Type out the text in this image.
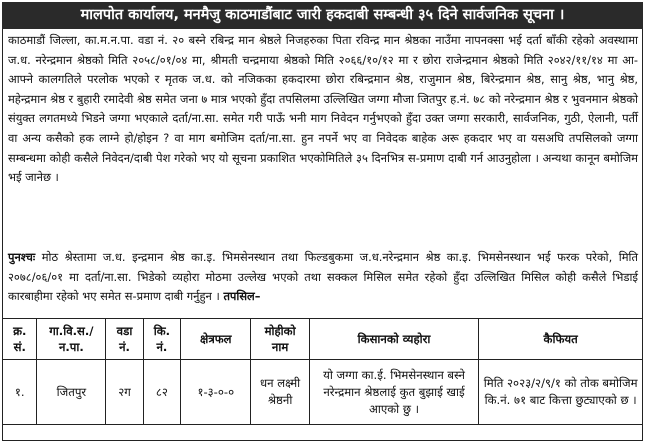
मालपोत कार्यालय, मनमैजु काठमाडौंबाट जारी हकदाबी सम्बन्धी ३५ दिने सार्वजनिक सूचना ।
काठमाडौं जिल्ला, का.म.न.पा. वडा नं. २० बस्ने रबिन्द्र मान श्रेष्ठले निजहरुका पिता रविन्द्र मान श्रेष्ठका नाउँमा नापनक्सा भई दर्ता बाँकी रहेको अवस्थामा ज.ध. नरेन्द्रमान श्रेष्ठको मिति २०५८/०१/०४ मा, श्रीमती चन्द्रमाया श्रेष्ठको मिति २०६६/१०/१२ मा र छोरा राजेन्द्रमान श्रेष्ठको मिति २०४२/११/१४ मा आ-आफ्ने कालगतिले परलोक भएको र मृतक ज.ध. को नजिकका हकदारमा छोरा रबिन्द्रमान श्रेष्ठ, राजुमान श्रेष्ठ, बिरेन्द्रमान श्रेष्ठ, सानु श्रेष्ठ, भानु श्रेष्ठ, महेन्द्रमान श्रेष्ठ र बुहारी रमादेवी श्रेष्ठ समेत जना ७ मात्र भएको हुँदा तपसिलमा उल्लिखित जग्गा मौजा जितपुर ह.नं. ७८ को नरेन्द्रमान श्रेष्ठ र भुवनमान श्रेष्ठको संयुक्त लगतमध्ये भिडने जग्गा भएकाले दर्ता/ना.सा. समेत गरी पाऊँ भनी माग निवेदन गर्नुभएको हुँदा उक्त जग्गा सरकारी, सार्वजनिक, गुठी, ऐलानी, पर्ती वा अन्य कसैको हक लाग्ने हो/होइन ? वा माग बमोजिम दर्ता/ना.सा. हुन नपर्ने भए वा निवेदक बाहेक अरू हकदार भए वा यसअघि तपसिलको जग्गा सम्बन्धमा कोही कसैले निवेदन/दाबी पेश गरेको भए यो सूचना प्रकाशित भएकोमितिले ३५ दिनभित्र स-प्रमाण दाबी गर्न आउनुहोला । अन्यथा कानून बमोजिम भई जानेछ ।
पुनश्चः मोठ श्रेस्तामा ज.ध. इन्द्रमान श्रेष्ठ का.इ. भिमसेनस्थान तथा फिल्डबुकमा ज.ध.नरेन्द्रमान श्रेष्ठ का.इ. भिमसेनस्थान भई फरक परेको, मिति २०७८/०६/०१ मा दर्ता/ना.सा. भिडेको व्यहोरा मोठमा उल्लेख भएको तथा सक्कल मिसिल समेत रहेको हुँदा उल्लिखित मिसिल कोही कसैले भिडाई कारबाहीमा रहेको भए समेत स-प्रमाण दाबी गर्नुहुन । तपसिल–
क्र. सं.	गा.वि.स./ न.पा.	वडा नं.	कि. नं.	क्षेत्रफल	मोहीको नाम	किसानको व्यहोरा	कैफियत
१.	जितपुर	२ग	८२	१-३-०-०	धन लक्ष्मी श्रेष्ठनी	यो जग्गा का.ई. भिमसेनस्थान बस्ने नरेन्द्रमान श्रेष्ठलाई कुत बुझाई खाई आएको छु ।	मिति २०२३/२/९/१ को तोक बमोजिम कि.नं. ७१ बाट कित्ता छुट्याएको छ ।
